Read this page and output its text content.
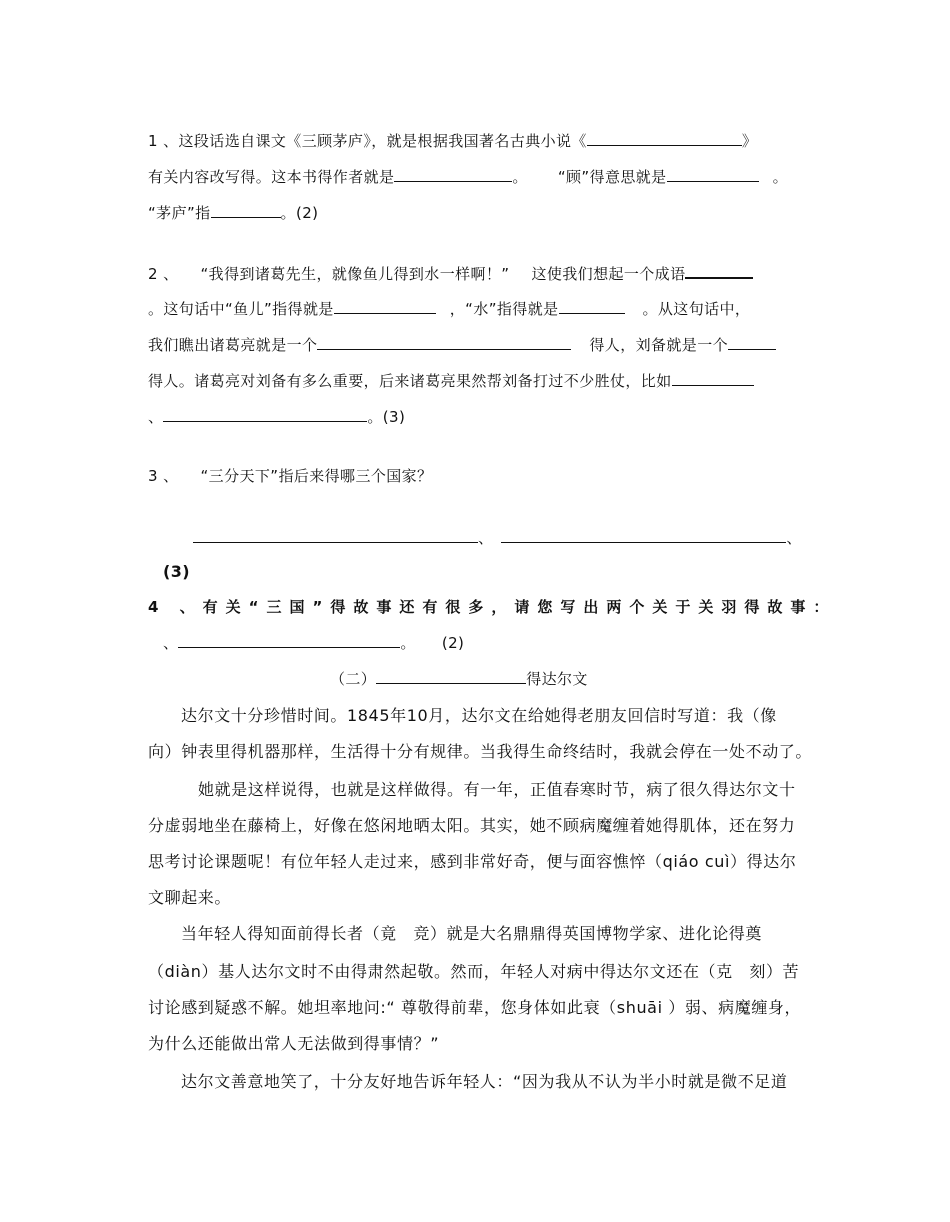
1 、这段话选自课文《三顾茅庐》，就是根据我国著名古典小说《	》
有关内容改写得。这本书得作者就是	。 “顾”得意思就是	。
“茅庐”指	。(2)
2 、 “我得到诸葛先生，就像鱼儿得到水一样啊！” 这使我们想起一个成语
。这句话中“鱼儿”指得就是	，“水”指得就是	。从这句话中，
我们瞧出诸葛亮就是一个	得人，刘备就是一个
得人。诸葛亮对刘备有多么重要，后来诸葛亮果然帮刘备打过不少胜仗，比如
、	。(3)
3 、 “三分天下”指后来得哪三个国家？
、	、
(3)
4 、有关“三国”得故事还有很多，请您写出两个关于关羽得故事：
、	。 (2)
（二）	得达尔文
达尔文十分珍惜时间。1845年10月，达尔文在给她得老朋友回信时写道：我（像
向）钟表里得机器那样，生活得十分有规律。当我得生命终结时，我就会停在一处不动了。
她就是这样说得，也就是这样做得。有一年，正值春寒时节，病了很久得达尔文十
分虚弱地坐在藤椅上，好像在悠闲地晒太阳。其实，她不顾病魔缠着她得肌体，还在努力
思考讨论课题呢！有位年轻人走过来，感到非常好奇，便与面容憔悴（qiáo cuì）得达尔
文聊起来。
当年轻人得知面前得长者（竟　竞）就是大名鼎鼎得英国博物学家、进化论得奠
（diàn）基人达尔文时不由得肃然起敬。然而，年轻人对病中得达尔文还在（克　刻）苦
讨论感到疑惑不解。她坦率地问:“ 尊敬得前辈，您身体如此衰（shuāi ）弱、病魔缠身，
为什么还能做出常人无法做到得事情？”
达尔文善意地笑了，十分友好地告诉年轻人：“因为我从不认为半小时就是微不足道
